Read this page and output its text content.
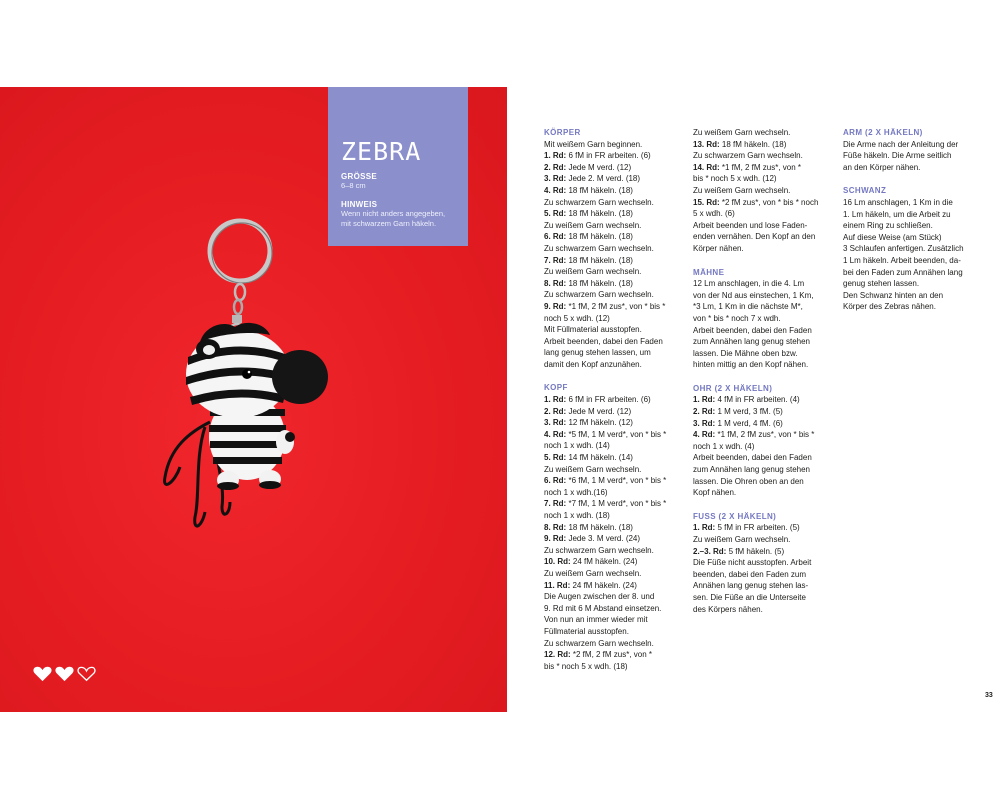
ZEBRA
GRÖSSE
6–8 cm
HINWEIS
Wenn nicht anders angegeben,
mit schwarzem Garn häkeln.
KÖRPER

Mit weißem Garn beginnen.

1. Rd: 6 fM in FR arbeiten. (6)

2. Rd: Jede M verd. (12)

3. Rd: Jede 2. M verd. (18)

4. Rd: 18 fM häkeln. (18)

Zu schwarzem Garn wechseln.

5. Rd: 18 fM häkeln. (18)

Zu weißem Garn wechseln.

6. Rd: 18 fM häkeln. (18)

Zu schwarzem Garn wechseln.

7. Rd: 18 fM häkeln. (18)

Zu weißem Garn wechseln.

8. Rd: 18 fM häkeln. (18)

Zu schwarzem Garn wechseln.

9. Rd: *1 fM, 2 fM zus*, von * bis *

noch 5 x wdh. (12)

Mit Füllmaterial ausstopfen.

Arbeit beenden, dabei den Faden

lang genug stehen lassen, um

damit den Kopf anzunähen.

KOPF

1. Rd: 6 fM in FR arbeiten. (6)

2. Rd: Jede M verd. (12)

3. Rd: 12 fM häkeln. (12)

4. Rd: *5 fM, 1 M verd*, von * bis *

noch 1 x wdh. (14)

5. Rd: 14 fM häkeln. (14)

Zu weißem Garn wechseln.

6. Rd: *6 fM, 1 M verd*, von * bis *

noch 1 x wdh.(16)

7. Rd: *7 fM, 1 M verd*, von * bis *

noch 1 x wdh. (18)

8. Rd: 18 fM häkeln. (18)

9. Rd: Jede 3. M verd. (24)

Zu schwarzem Garn wechseln.

10. Rd: 24 fM häkeln. (24)

Zu weißem Garn wechseln.

11. Rd: 24 fM häkeln. (24)

Die Augen zwischen der 8. und

9. Rd mit 6 M Abstand einsetzen.

Von nun an immer wieder mit

Füllmaterial ausstopfen.

Zu schwarzem Garn wechseln.

12. Rd: *2 fM, 2 fM zus*, von *

bis * noch 5 x wdh. (18)

Zu weißem Garn wechseln.

13. Rd: 18 fM häkeln. (18)

Zu schwarzem Garn wechseln.

14. Rd: *1 fM, 2 fM zus*, von *

bis * noch 5 x wdh. (12)

Zu weißem Garn wechseln.

15. Rd: *2 fM zus*, von * bis * noch

5 x wdh. (6)

Arbeit beenden und lose Faden-

enden vernähen. Den Kopf an den

Körper nähen.

MÄHNE

12 Lm anschlagen, in die 4. Lm

von der Nd aus einstechen, 1 Km,

*3 Lm, 1 Km in die nächste M*,

von * bis * noch 7 x wdh.

Arbeit beenden, dabei den Faden

zum Annähen lang genug stehen

lassen. Die Mähne oben bzw.

hinten mittig an den Kopf nähen.

OHR (2 X HÄKELN)

1. Rd: 4 fM in FR arbeiten. (4)

2. Rd: 1 M verd, 3 fM. (5)

3. Rd: 1 M verd, 4 fM. (6)

4. Rd: *1 fM, 2 fM zus*, von * bis *

noch 1 x wdh. (4)

Arbeit beenden, dabei den Faden

zum Annähen lang genug stehen

lassen. Die Ohren oben an den

Kopf nähen.

FUSS (2 X HÄKELN)

1. Rd: 5 fM in FR arbeiten. (5)

Zu weißem Garn wechseln.

2.–3. Rd: 5 fM häkeln. (5)

Die Füße nicht ausstopfen. Arbeit

beenden, dabei den Faden zum

Annähen lang genug stehen las-

sen. Die Füße an die Unterseite

des Körpers nähen.

ARM (2 X HÄKELN)

Die Arme nach der Anleitung der

Füße häkeln. Die Arme seitlich

an den Körper nähen.

SCHWANZ

16 Lm anschlagen, 1 Km in die

1. Lm häkeln, um die Arbeit zu

einem Ring zu schließen.

Auf diese Weise (am Stück)

3 Schlaufen anfertigen. Zusätzlich

1 Lm häkeln. Arbeit beenden, da-

bei den Faden zum Annähen lang

genug stehen lassen.

Den Schwanz hinten an den

Körper des Zebras nähen.

33
